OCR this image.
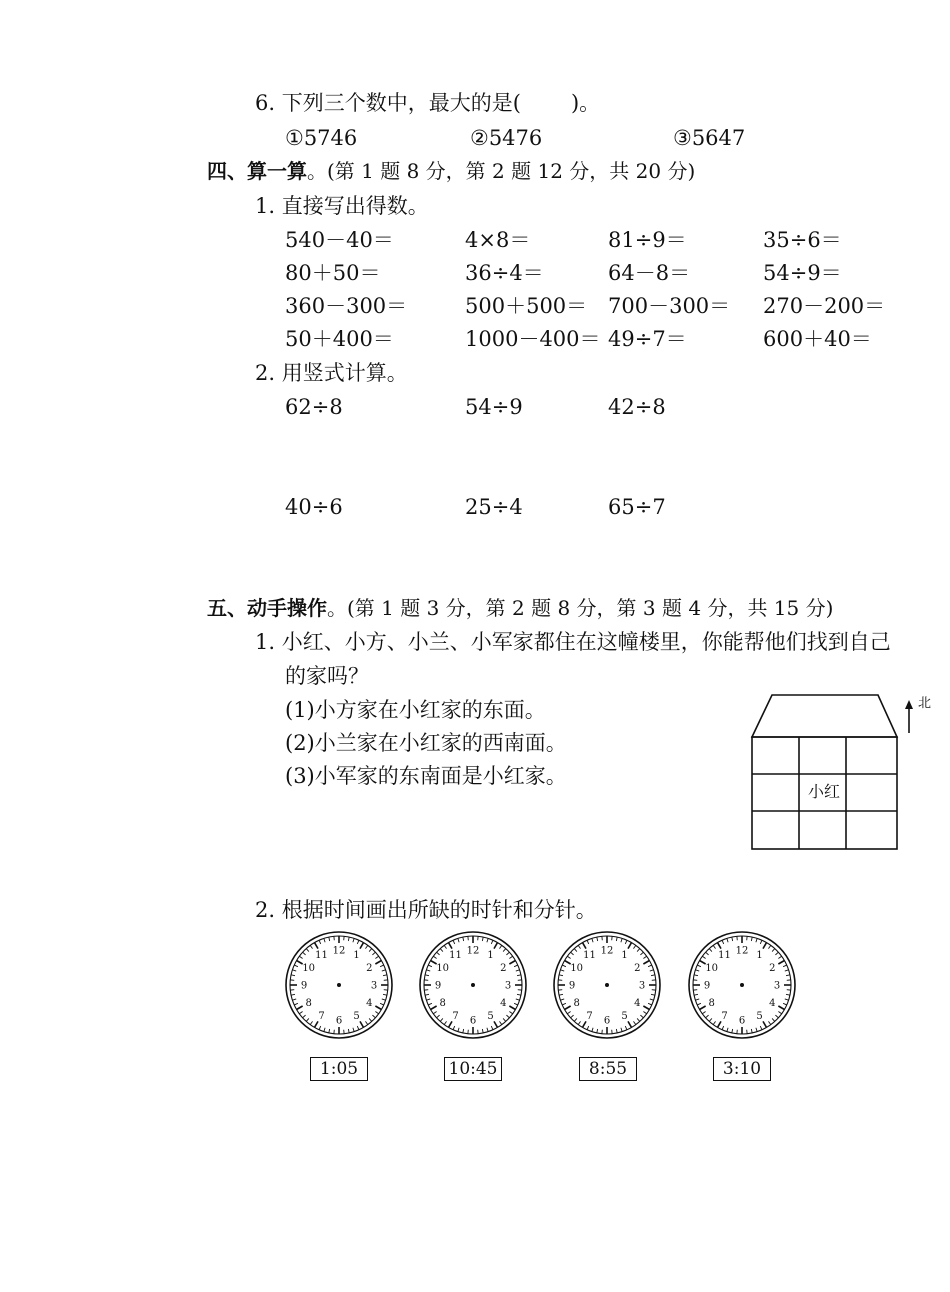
6. 下列三个数中，最大的是( )。
①5746	②5476	③5647
四、算一算。(第 1 题 8 分，第 2 题 12 分，共 20 分)
1. 直接写出得数。
540－40＝	4×8＝	81÷9＝	35÷6＝
80＋50＝	36÷4＝	64－8＝	54÷9＝
360－300＝	500＋500＝ 700－300＝ 270－200＝
50＋400＝	1000－400＝ 49÷7＝	600＋40＝
2. 用竖式计算。
62÷8	54÷9	42÷8
40÷6	25÷4	65÷7
五、动手操作。(第 1 题 3 分，第 2 题 8 分，第 3 题 4 分，共 15 分)
1. 小红、小方、小兰、小军家都住在这幢楼里，你能帮他们找到自己
的家吗？
(1)小方家在小红家的东面。
(2)小兰家在小红家的西南面。
(3)小军家的东南面是小红家。
小红
北
2. 根据时间画出所缺的时针和分针。
12 1
2
3
4
5
6
7
8
9
10
11	12 1
2
3
4
5
6
7
8
9
10
11	12 1
2
3
4
5
6
7
8
9
10
11	12 1
2
3
4
5
6
7
8
9
10
11
1:05	10:45	8:55	3:10
